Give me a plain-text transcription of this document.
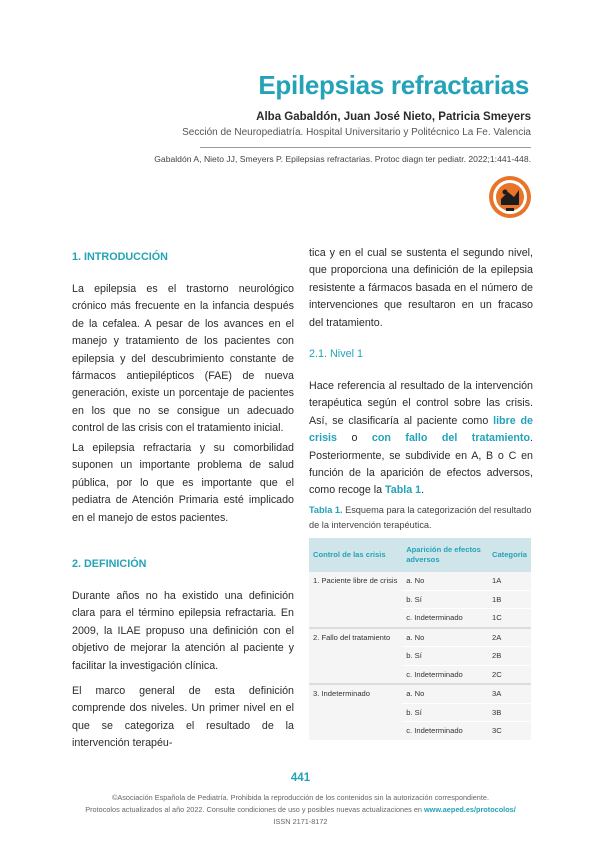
Epilepsias refractarias
Alba Gabaldón, Juan José Nieto, Patricia Smeyers
Sección de Neuropediatría. Hospital Universitario y Politécnico La Fe. Valencia
Gabaldón A, Nieto JJ, Smeyers P. Epilepsias refractarias. Protoc diagn ter pediatr. 2022;1:441-448.
1. INTRODUCCIÓN

La epilepsia es el trastorno neurológico crónico más frecuente en la infancia después de la cefalea. A pesar de los avances en el manejo y tratamiento de los pacientes con epilepsia y del descubrimiento constante de fármacos antiepilépticos (FAE) de nueva generación, existe un porcentaje de pacientes en los que no se consigue un adecuado control de las crisis con el tratamiento inicial.

La epilepsia refractaria y su comorbilidad suponen un importante problema de salud pública, por lo que es importante que el pediatra de Atención Primaria esté implicado en el manejo de estos pacientes.

2. DEFINICIÓN

Durante años no ha existido una definición clara para el término epilepsia refractaria. En 2009, la ILAE propuso una definición con el objetivo de mejorar la atención al paciente y facilitar la investigación clínica.

El marco general de esta definición comprende dos niveles. Un primer nivel en el que se categoriza el resultado de la intervención terapéu-

tica y en el cual se sustenta el segundo nivel, que proporciona una definición de la epilepsia resistente a fármacos basada en el número de intervenciones que resultaron en un fracaso del tratamiento.

2.1. Nivel 1

Hace referencia al resultado de la intervención terapéutica según el control sobre las crisis. Así, se clasificaría al paciente como libre de crisis o con fallo del tratamiento. Posteriormente, se subdivide en A, B o C en función de la aparición de efectos adversos, como recoge la Tabla 1.

Tabla 1. Esquema para la categorización del resultado de la intervención terapéutica.

Control de las crisis	Aparición de efectos adversos	Categoría
1. Paciente libre de crisis	a. No	1A
	b. Sí	1B
	c. Indeterminado	1C
2. Fallo del tratamiento	a. No	2A
	b. Sí	2B
	c. Indeterminado	2C
3. Indeterminado	a. No	3A
	b. Sí	3B
	c. Indeterminado	3C
441
©Asociación Española de Pediatría. Prohibida la reproducción de los contenidos sin la autorización correspondiente.
Protocolos actualizados al año 2022. Consulte condiciones de uso y posibles nuevas actualizaciones en www.aeped.es/protocolos/
ISSN 2171-8172
